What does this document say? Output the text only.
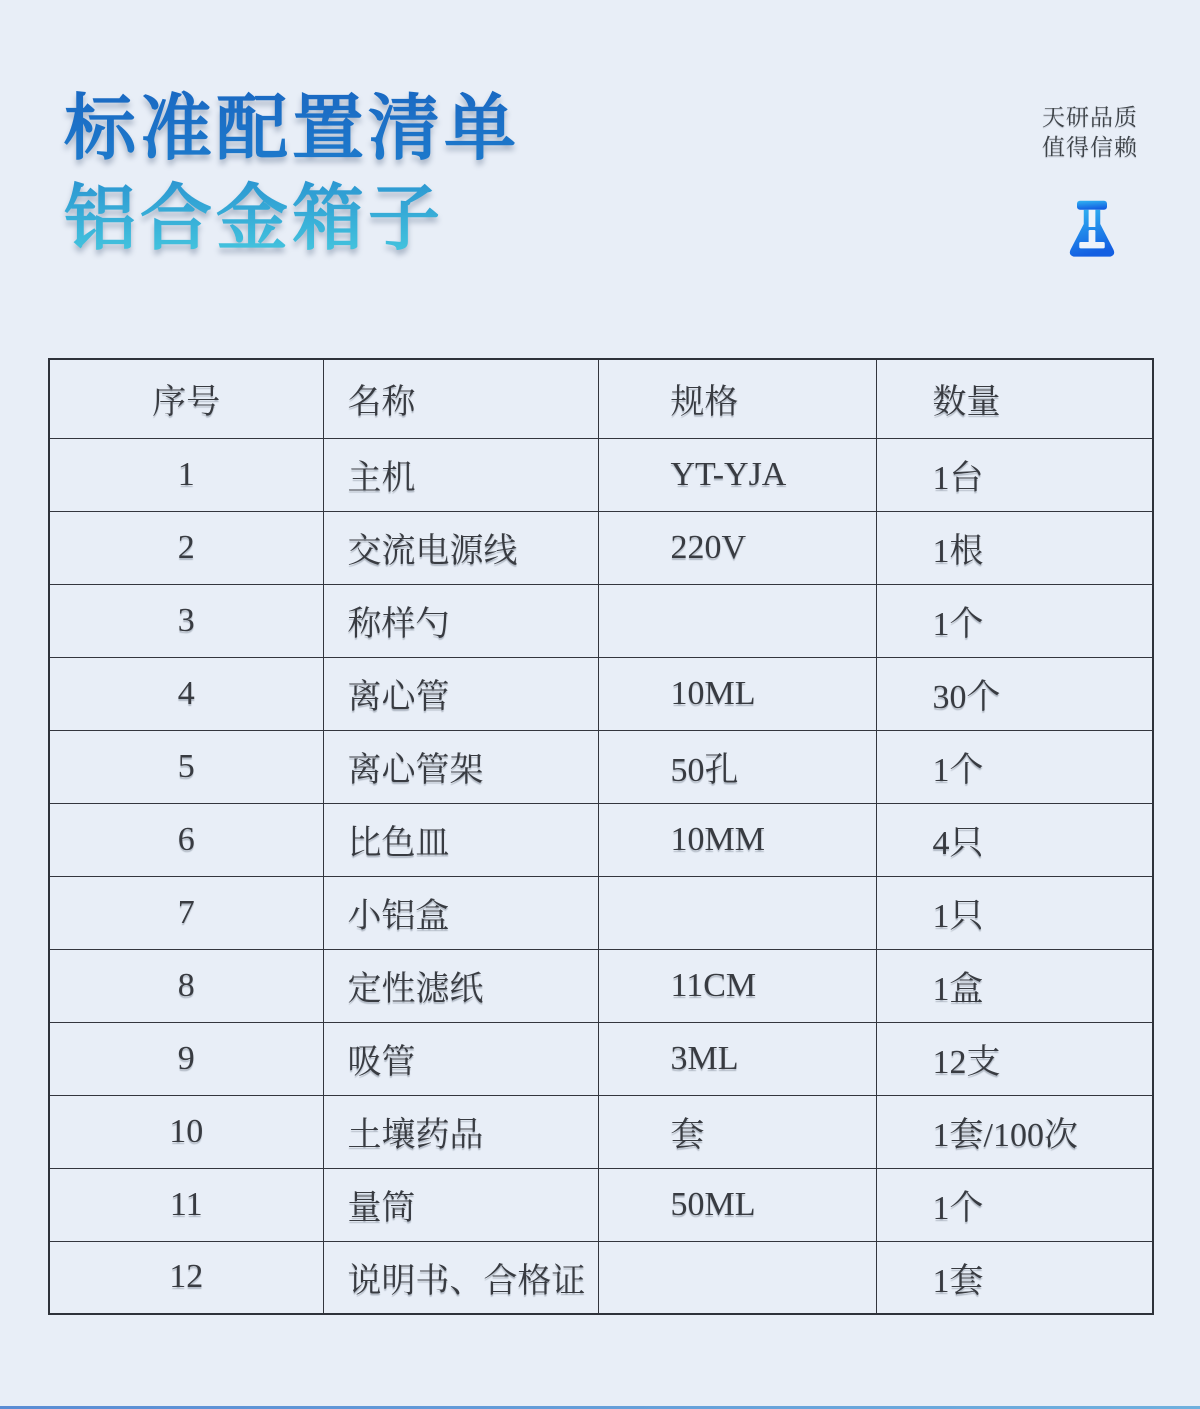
标准配置清单
铝合金箱子
天研品质
值得信赖
序号	名称	规格	数量
1	主机	YT-YJA	1台
2	交流电源线	220V	1根
3	称样勺		1个
4	离心管	10ML	30个
5	离心管架	50孔	1个
6	比色皿	10MM	4只
7	小铝盒		1只
8	定性滤纸	11CM	1盒
9	吸管	3ML	12支
10	土壤药品	套	1套/100次
11	量筒	50ML	1个
12	说明书、合格证		1套
